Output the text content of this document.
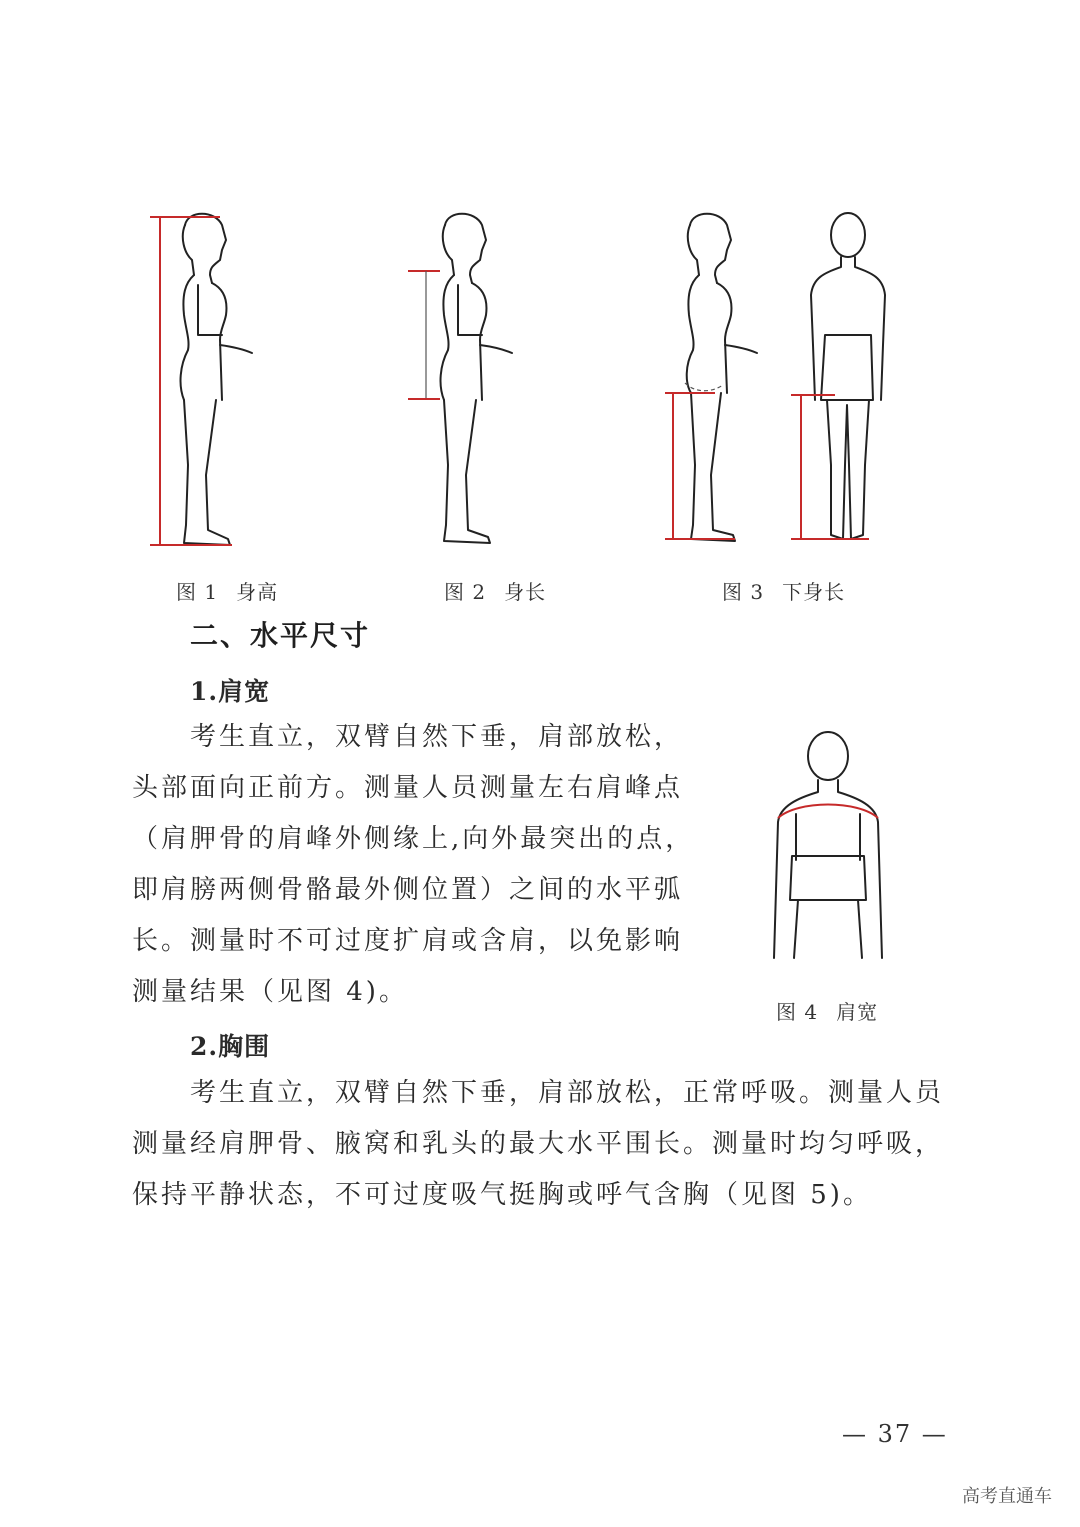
图 1 身高	图 2 身长	图 3 下身长
二、水平尺寸
1.肩宽
考生直立，双臂自然下垂，肩部放松，
头部面向正前方。测量人员测量左右肩峰点
（肩胛骨的肩峰外侧缘上,向外最突出的点，
即肩膀两侧骨骼最外侧位置）之间的水平弧
长。测量时不可过度扩肩或含肩，以免影响
测量结果（见图 4)。
图 4 肩宽
2.胸围
考生直立，双臂自然下垂，肩部放松，正常呼吸。测量人员
测量经肩胛骨、腋窝和乳头的最大水平围长。测量时均匀呼吸，
保持平静状态，不可过度吸气挺胸或呼气含胸（见图 5)。
— 37 —
高考直通车
